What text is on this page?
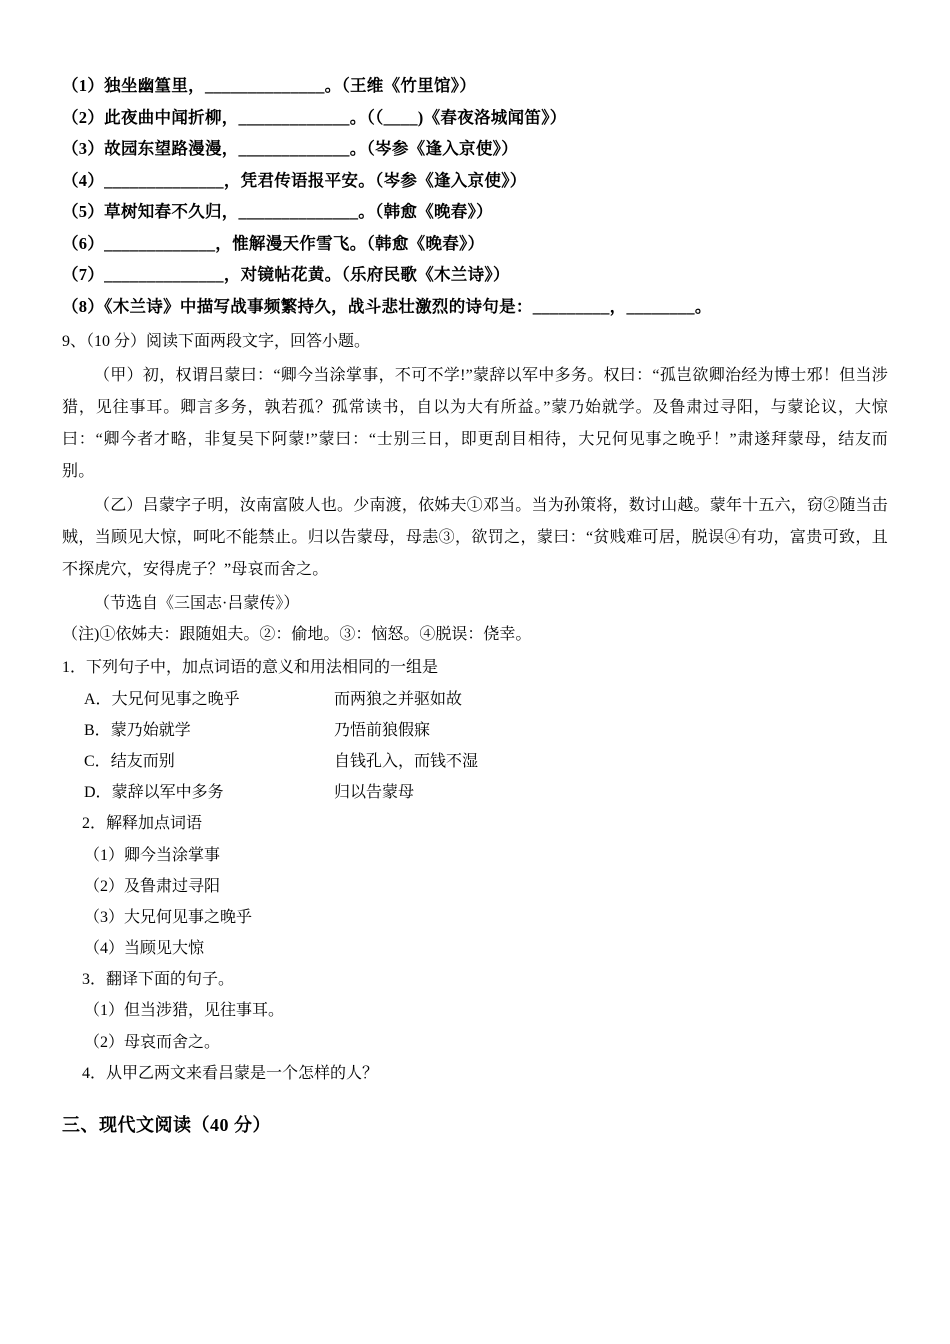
（1）独坐幽篁里，______________。（王维《竹里馆》）
（2）此夜曲中闻折柳，_____________。（（____)《春夜洛城闻笛》）
（3）故园东望路漫漫，_____________。（岑参《逢入京使》）
（4）______________，凭君传语报平安。（岑参《逢入京使》）
（5）草树知春不久归，______________。（韩愈《晚春》）
（6）_____________，惟解漫天作雪飞。（韩愈《晚春》）
（7）______________，对镜帖花黄。（乐府民歌《木兰诗》）
（8）《木兰诗》中描写战事频繁持久，战斗悲壮激烈的诗句是：_________，________。

9、（10 分）阅读下面两段文字，回答小题。

（甲）初，权谓吕蒙曰：“卿今当涂掌事，不可不学!”蒙辞以军中多务。权曰：“孤岂欲卿治经为博士邪！但当涉猎，见往事耳。卿言多务，孰若孤？孤常读书，自以为大有所益。”蒙乃始就学。及鲁肃过寻阳，与蒙论议，大惊曰：“卿今者才略，非复吴下阿蒙!”蒙曰：“士别三日，即更刮目相待，大兄何见事之晚乎！”肃遂拜蒙母，结友而别。

（乙）吕蒙字子明，汝南富陂人也。少南渡，依姊夫①邓当。当为孙策将，数讨山越。蒙年十五六，窃②随当击贼，当顾见大惊，呵叱不能禁止。归以告蒙母，母恚③，欲罚之，蒙曰：“贫贱难可居，脱误④有功，富贵可致，且不探虎穴，安得虎子？”母哀而舍之。

（节选自《三国志·吕蒙传》）

（注)①依姊夫：跟随姐夫。②：偷地。③：恼怒。④脱误：侥幸。

1．下列句子中，加点词语的意义和用法相同的一组是

A．大兄何见事之晚乎	而两狼之并驱如故
B．蒙乃始就学	乃悟前狼假寐
C．结友而别	自钱孔入，而钱不湿
D．蒙辞以军中多务	归以告蒙母

2．解释加点词语

（1）卿今当涂掌事

（2）及鲁肃过寻阳

（3）大兄何见事之晚乎

（4）当顾见大惊

3．翻译下面的句子。

（1）但当涉猎，见往事耳。

（2）母哀而舍之。

4．从甲乙两文来看吕蒙是一个怎样的人？

三、现代文阅读（40 分）
